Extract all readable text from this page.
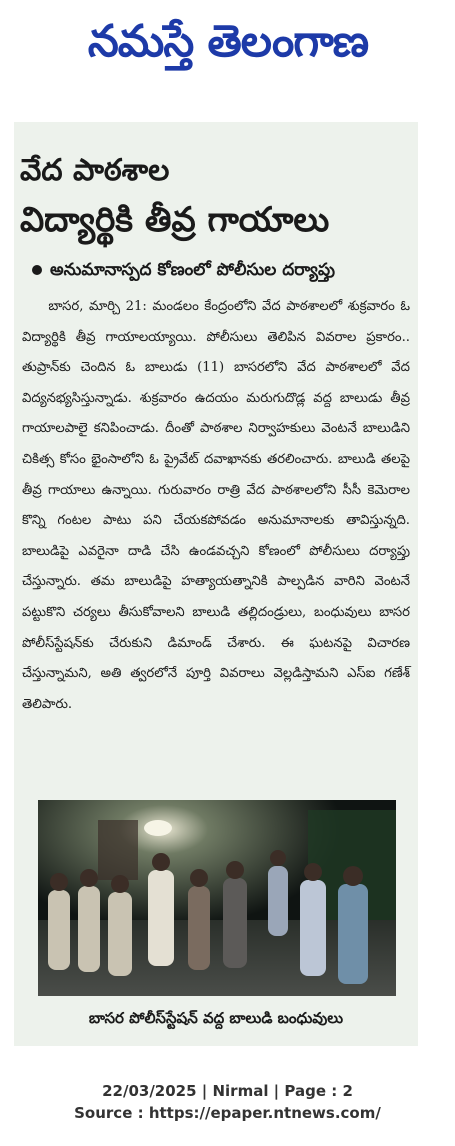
నమస్తే తెలంగాణ
వేద పాఠశాల
విద్యార్థికి తీవ్ర గాయాలు
అనుమానాస్పద కోణంలో పోలీసుల దర్యాప్తు

బాసర, మార్చి 21: మండలం కేంద్రంలోని వేద పాఠశాలలో శుక్రవారం ఓ విద్యార్థికి తీవ్ర గాయాలయ్యాయి. పోలీసులు తెలిపిన వివరాల ప్రకారం.. తుప్రాన్‌కు చెందిన ఓ బాలుడు (11) బాసరలోని వేద పాఠశాలలో వేద విద్యనభ్యసిస్తున్నాడు. శుక్రవారం ఉదయం మరుగుదొడ్ల వద్ద బాలుడు తీవ్ర గాయాలపాలై కనిపించాడు. దీంతో పాఠశాల నిర్వాహకులు వెంటనే బాలుడిని చికిత్స కోసం భైంసాలోని ఓ ప్రైవేట్ దవాఖానకు తరలించారు. బాలుడి తలపై తీవ్ర గాయాలు ఉన్నాయి. గురువారం రాత్రి వేద పాఠశాలలోని సీసీ కెమెరాల కొన్ని గంటల పాటు పని చేయకపోవడం అనుమానాలకు తావిస్తున్నది. బాలుడిపై ఎవరైనా దాడి చేసి ఉండవచ్చని కోణంలో పోలీసులు దర్యాప్తు చేస్తున్నారు. తమ బాలుడిపై హత్యాయత్నానికి పాల్పడిన వారిని వెంటనే పట్టుకొని చర్యలు తీసుకోవాలని బాలుడి తల్లిదండ్రులు, బంధువులు బాసర పోలీస్‌స్టేషన్‌కు చేరుకుని డిమాండ్ చేశారు. ఈ ఘటనపై విచారణ చేస్తున్నామని, అతి త్వరలోనే పూర్తి వివరాలు వెల్లడిస్తామని ఎస్‌ఐ గణేశ్ తెలిపారు.

బాసర పోలీస్‌స్టేషన్ వద్ద బాలుడి బంధువులు
22/03/2025 | Nirmal | Page : 2
Source : https://epaper.ntnews.com/
